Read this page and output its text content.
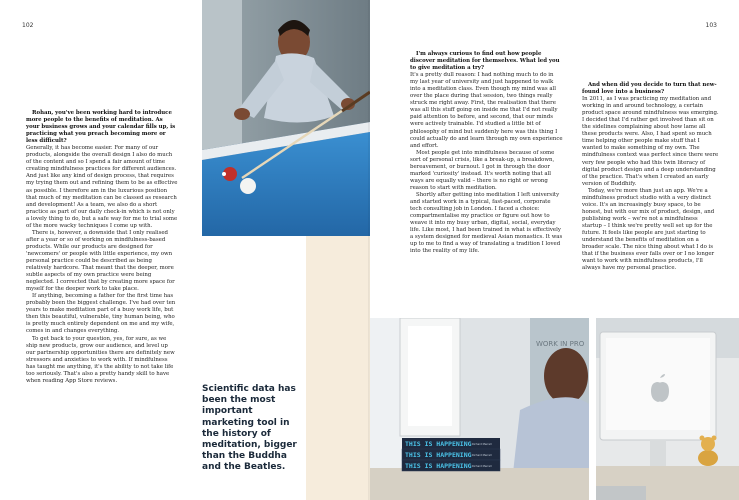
102

Rohan, you've been working hard to introduce more people to the benefits of meditation. As your business grows and your calendar fills up, is practicing what you preach becoming more or less difficult?

Generally, it has become easier. For many of our products, alongside the overall design I also do much of the content and so I spend a fair amount of time creating mindfulness practices for different audiences. And just like any kind of design process, that requires my trying them out and refining them to be as effective as possible. I therefore am in the luxurious position that much of my meditation can be classed as research and development! As a team, we also do a short practice as part of our daily check-in which is not only a lovely thing to do, but a safe way for me to trial some of the more wacky techniques I come up with.

There is, however, a downside that I only realised after a year or so of working on mindfulness-based products. While our products are designed for 'newcomers' or people with little experience, my own personal practice could be described as being relatively hardcore. That meant that the deeper, more subtle aspects of my own practice were being neglected. I corrected that by creating more space for myself for the deeper work to take place.

If anything, becoming a father for the first time has probably been the biggest challenge. I've had over ten years to make meditation part of a busy work life, but then this beautiful, vulnerable, tiny human being, who is pretty much entirely dependent on me and my wife, comes in and changes everything.

To get back to your question, yes, for sure, as we ship new products, grow our audience, and level up our partnership opportunities there are definitely new stressors and anxieties to work with. If mindfulness has taught me anything, it's the ability to not take life too seriously. That's also a pretty handy skill to have when reading App Store reviews.

Scientific data has been the most important marketing tool in the history of meditation, bigger than the Buddha and the Beatles.
103

I'm always curious to find out how people discover meditation for themselves. What led you to give meditation a try?

It's a pretty dull reason: I had nothing much to do in my last year of university and just happened to walk into a meditation class. Even though my mind was all over the place during that session, two things really struck me right away. First, the realisation that there was all this stuff going on inside me that I'd not really paid attention to before, and second, that our minds were actively trainable. I'd studied a little bit of philosophy of mind but suddenly here was this thing I could actually do and learn through my own experience and effort.

Most people get into mindfulness because of some sort of personal crisis, like a break-up, a breakdown, bereavement, or burnout. I got in through the door marked 'curiosity' instead. It's worth noting that all ways are equally valid – there is no right or wrong reason to start with meditation.

Shortly after getting into meditation I left university and started work in a typical, fast-paced, corporate tech consulting job in London. I faced a choice: compartmentalise my practice or figure out how to weave it into my busy urban, digital, social, everyday life. Like most, I had been trained in what is effectively a system designed for medieval Asian monastics. It was up to me to find a way of translating a tradition I loved into the reality of my life.

And when did you decide to turn that new-found love into a business?

In 2011, as I was practicing my meditation and working in and around technology, a certain product space around mindfulness was emerging. I decided that I'd rather get involved than sit on the sidelines complaining about how lame all these products were. Also, I had spent so much time helping other people make stuff that I wanted to make something of my own. The mindfulness context was perfect since there were very few people who had this twin literacy of digital product design and a deep understanding of the practice. That's when I created an early version of Buddhify.

Today, we're more than just an app. We're a mindfulness product studio with a very distinct voice. It's an increasingly busy space, to be honest, but with our mix of product, design, and publishing work – we're not a mindfulness startup – I think we're pretty well set up for the future. It feels like people are just starting to understand the benefits of meditation on a broader scale. The nice thing about what I do is that if the business ever falls over or I no longer want to work with mindfulness products, I'll always have my personal practice.

WORK IN PRO
THIS IS HAPPENING
THIS IS HAPPENING
THIS IS HAPPENING
Richard Merrell
Richard Merrell
Richard Merrell
